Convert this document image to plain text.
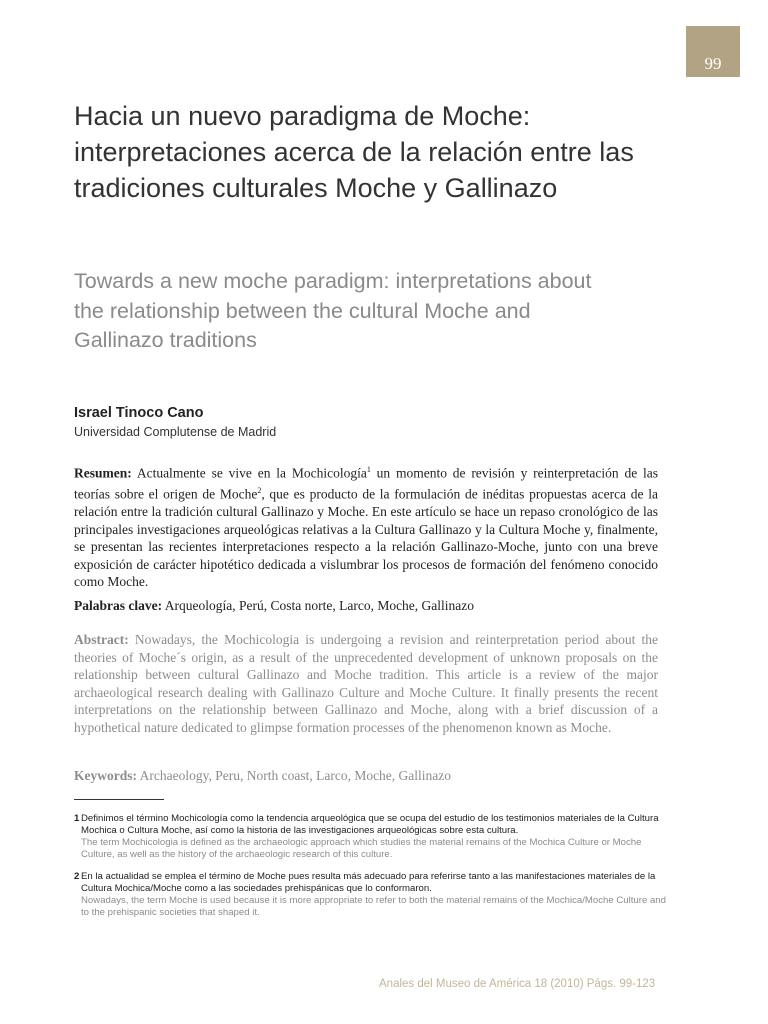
99
Hacia un nuevo paradigma de Moche: interpretaciones acerca de la relación entre las tradiciones culturales Moche y Gallinazo
Towards a new moche paradigm: interpretations about the relationship between the cultural Moche and Gallinazo traditions
Israel Tinoco Cano
Universidad Complutense de Madrid

Resumen: Actualmente se vive en la Mochicología$^1$ un momento de revisión y reinterpretación de las teorías sobre el origen de Moche$^2$, que es producto de la formulación de inéditas propuestas acerca de la relación entre la tradición cultural Gallinazo y Moche. En este artículo se hace un repaso cronológico de las principales investigaciones arqueológicas relativas a la Cultura Gallinazo y la Cultura Moche y, finalmente, se presentan las recientes interpretaciones respecto a la relación Gallinazo-Moche, junto con una breve exposición de carácter hipotético dedicada a vislumbrar los procesos de formación del fenómeno conocido como Moche.

Palabras clave: Arqueología, Perú, Costa norte, Larco, Moche, Gallinazo

Abstract: Nowadays, the Mochicologia is undergoing a revision and reinterpretation period about the theories of Moche´s origin, as a result of the unprecedented development of unknown proposals on the relationship between cultural Gallinazo and Moche tradition. This article is a review of the major archaeological research dealing with Gallinazo Culture and Moche Culture. It finally presents the recent interpretations on the relationship between Gallinazo and Moche, along with a brief discussion of a hypothetical nature dedicated to glimpse formation processes of the phenomenon known as Moche.

Keywords: Archaeology, Peru, North coast, Larco, Moche, Gallinazo

1 Definimos el término Mochicología como la tendencia arqueológica que se ocupa del estudio de los testimonios materiales de la Cultura Mochica o Cultura Moche, así como la historia de las investigaciones arqueológicas sobre esta cultura.
The term Mochicologia is defined as the archaeologic approach which studies the material remains of the Mochica Culture or Moche Culture, as well as the history of the archaeologic research of this culture.
2 En la actualidad se emplea el término de Moche pues resulta más adecuado para referirse tanto a las manifestaciones materiales de la Cultura Mochica/Moche como a las sociedades prehispánicas que lo conformaron.
Nowadays, the term Moche is used because it is more appropriate to refer to both the material remains of the Mochica/Moche Culture and to the prehispanic societies that shaped it.
Anales del Museo de América 18 (2010) Págs. 99-123
